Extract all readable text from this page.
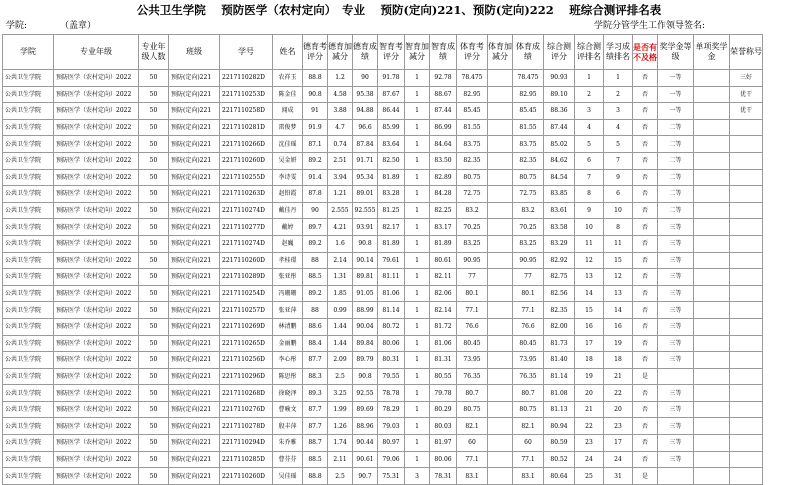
公共卫生学院　 预防医学（农村定向）　专业　 预防(定向)221、预防(定向)222　 班综合测评排名表
学院:	（盖章）	学院分管学生工作领导签名:
学院	专业年级	专业年级人数	班级	学号	姓名	德育考评分	德育加减分	德育成绩	智育考评分	智育加减分	智育成绩	体育考评分	体育加减分	体育成绩	综合测评分	综合测评排名	学习成绩排名	是否有不及格	奖学金等级	单项奖学金	荣誉称号
公共卫生学院	预防医学（农村定向）2022	50	预防(定向)221	2217110282D	农祥玉	88.8	1.2	90	91.78	1	92.78	78.475		78.475	90.93	1	1	否	一等		三好
公共卫生学院	预防医学（农村定向）2022	50	预防(定向)221	2217110253D	陈金佳	90.8	4.58	95.38	87.67	1	88.67	82.95		82.95	89.10	2	2	否	一等		优干
公共卫生学院	预防医学（农村定向）2022	50	预防(定向)221	2217110258D	闻成	91	3.88	94.88	86.44	1	87.44	85.45		85.45	88.36	3	3	否	一等		优干
公共卫生学院	预防医学（农村定向）2022	50	预防(定向)221	2217110281D	雷俊梦	91.9	4.7	96.6	85.99	1	86.99	81.55		81.55	87.44	4	4	否	二等		
公共卫生学院	预防医学（农村定向）2022	50	预防(定向)221	2217110266D	沈佳瑶	87.1	0.74	87.84	83.64	1	84.64	83.75		83.75	85.02	5	5	否	二等		
公共卫生学院	预防医学（农村定向）2022	50	预防(定向)221	2217110260D	吴金妍	89.2	2.51	91.71	82.50	1	83.50	82.35		82.35	84.62	6	7	否	二等		
公共卫生学院	预防医学（农村定向）2022	50	预防(定向)221	2217110255D	李诗雯	91.4	3.94	95.34	81.89	1	82.89	80.75		80.75	84.54	7	9	否	二等		
公共卫生学院	预防医学（农村定向）2022	50	预防(定向)221	2217110263D	赵铅霞	87.8	1.21	89.01	83.28	1	84.28	72.75		72.75	83.85	8	6	否	二等		
公共卫生学院	预防医学（农村定向）2022	50	预防(定向)221	2217110274D	戴佳丹	90	2.555	92.555	81.25	1	82.25	83.2		83.2	83.61	9	10	否	二等		
公共卫生学院	预防医学（农村定向）2022	50	预防(定向)221	2217110277D	戴婷	89.7	4.21	93.91	82.17	1	83.17	70.25		70.25	83.58	10	8	否	三等		
公共卫生学院	预防医学（农村定向）2022	50	预防(定向)221	2217110274D	赵巍	89.2	1.6	90.8	81.89	1	81.89	83.25		83.25	83.29	11	11	否	三等		
公共卫生学院	预防医学（农村定向）2022	50	预防(定向)221	2217110260D	孝桂璟	88	2.14	90.14	79.61	1	80.61	90.95		90.95	82.92	12	15	否	三等		
公共卫生学院	预防医学（农村定向）2022	50	预防(定向)221	2217110289D	张亚彤	88.5	1.31	89.81	81.11	1	82.11	77		77	82.75	13	12	否	三等		
公共卫生学院	预防医学（农村定向）2022	50	预防(定向)221	2217110254D	冯珊珊	89.2	1.85	91.05	81.06	1	82.06	80.1		80.1	82.56	14	13	否	三等		
公共卫生学院	预防医学（农村定向）2022	50	预防(定向)221	2217110257D	张亚萍	88	0.99	88.99	81.14	1	82.14	77.1		77.1	82.35	15	14	否	三等		
公共卫生学院	预防医学（农村定向）2022	50	预防(定向)221	2217110269D	林清鹏	88.6	1.44	90.04	80.72	1	81.72	76.6		76.6	82.00	16	16	否	三等		
公共卫生学院	预防医学（农村定向）2022	50	预防(定向)221	2217110265D	金丽鹏	88.4	1.44	89.84	80.06	1	81.06	80.45		80.45	81.73	17	19	否	三等		
公共卫生学院	预防医学（农村定向）2022	50	预防(定向)221	2217110256D	李心彤	87.7	2.09	89.79	80.31	1	81.31	73.95		73.95	81.40	18	18	否	三等		
公共卫生学院	预防医学（农村定向）2022	50	预防(定向)221	2217110296D	陈思彤	88.3	2.5	90.8	79.55	1	80.55	76.35		76.35	81.14	19	21	是			
公共卫生学院	预防医学（农村定向）2022	50	预防(定向)221	2217110268D	徐晓泽	89.3	3.25	92.55	78.78	1	79.78	80.7		80.7	81.08	20	22	否	三等		
公共卫生学院	预防医学（农村定向）2022	50	预防(定向)221	2217110276D	曹喻文	87.7	1.99	89.69	78.29	1	80.29	80.75		80.75	81.13	21	20	否	三等		
公共卫生学院	预防医学（农村定向）2022	50	预防(定向)221	2217110278D	殷丰萍	87.7	1.26	88.96	79.03	1	80.03	82.1		82.1	80.94	22	23	否	三等		
公共卫生学院	预防医学（农村定向）2022	50	预防(定向)221	2217110294D	朱乔雅	88.7	1.74	90.44	80.97	1	81.97	60		60	80.59	23	17	否	三等		
公共卫生学院	预防医学（农村定向）2022	50	预防(定向)221	2217110285D	曹芬芬	88.5	2.11	90.61	79.06	1	80.06	77.1		77.1	80.52	24	24	否	三等		
公共卫生学院	预防医学（农村定向）2022	50	预防(定向)221	2217110260D	吴佳瑶	88.8	2.5	90.7	75.31	3	78.31	83.1		83.1	80.64	25	31	是			
